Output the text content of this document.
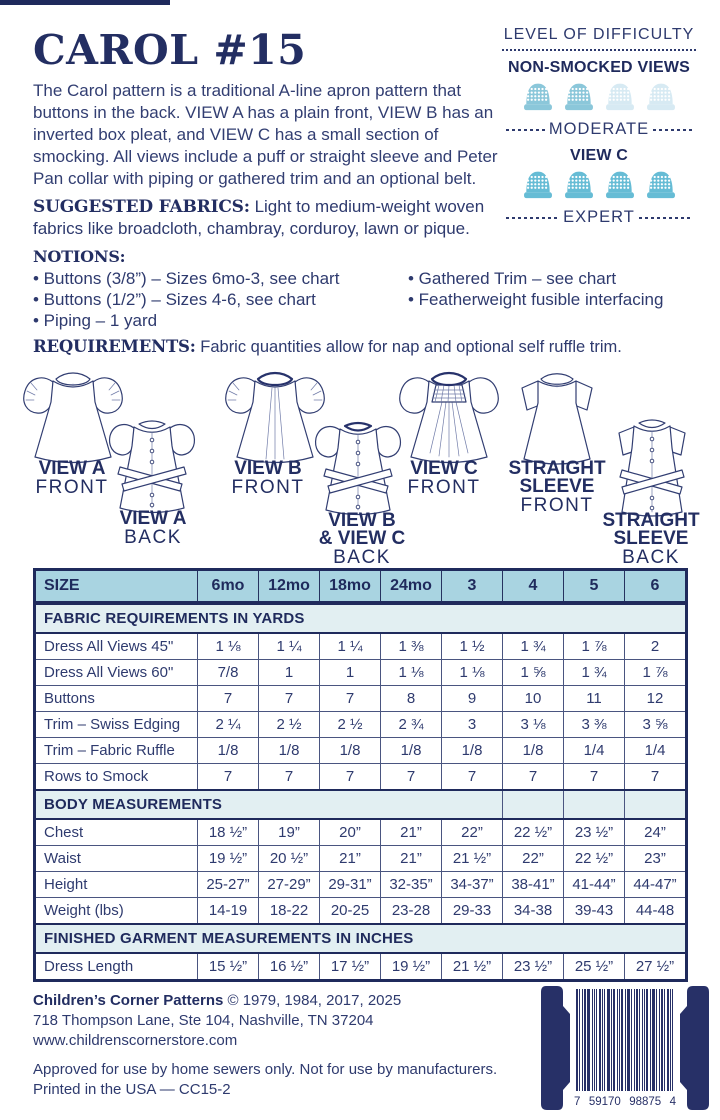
CAROL #15

The Carol pattern is a traditional A-line apron pattern that buttons in the back. VIEW A has a plain front, VIEW B has an inverted box pleat, and VIEW C has a small section of smocking. All views include a puff or straight sleeve and Peter Pan collar with piping or gathered trim and an optional belt.

LEVEL OF DIFFICULTY
NON-SMOCKED VIEWS
MODERATE
VIEW C
EXPERT

SUGGESTED FABRICS: Light to medium-weight woven fabrics like broadcloth, chambray, corduroy, lawn or pique.

NOTIONS:
• Buttons (3/8”) – Sizes 6mo-3, see chart
• Buttons (1/2”) – Sizes 4-6, see chart
• Piping – 1 yard
• Gathered Trim – see chart
• Featherweight fusible interfacing

REQUIREMENTS: Fabric quantities allow for nap and optional self ruffle trim.

VIEW A
FRONT
VIEW A
BACK
VIEW B
FRONT
VIEW B
& VIEW C
BACK
VIEW C
FRONT
STRAIGHT
SLEEVE
FRONT
STRAIGHT
SLEEVE
BACK
SIZE	6mo	12mo	18mo	24mo	3	4	5	6
FABRIC REQUIREMENTS IN YARDS
Dress All Views 45"	1 ⅛	1 ¼	1 ¼	1 ⅜	1 ½	1 ¾	1 ⅞	2
Dress All Views 60"	7/8	1	1	1 ⅛	1 ⅛	1 ⅝	1 ¾	1 ⅞
Buttons	7	7	7	8	9	10	11	12
Trim – Swiss Edging	2 ¼	2 ½	2 ½	2 ¾	3	3 ⅛	3 ⅜	3 ⅝
Trim – Fabric Ruffle	1/8	1/8	1/8	1/8	1/8	1/8	1/4	1/4
Rows to Smock	7	7	7	7	7	7	7	7
BODY MEASUREMENTS
Chest	18 ½”	19”	20”	21”	22”	22 ½”	23 ½”	24”
Waist	19 ½”	20 ½”	21”	21”	21 ½”	22”	22 ½”	23”
Height	25-27”	27-29”	29-31”	32-35”	34-37”	38-41”	41-44”	44-47”
Weight (lbs)	14-19	18-22	20-25	23-28	29-33	34-38	39-43	44-48
FINISHED GARMENT MEASUREMENTS IN INCHES
Dress Length	15 ½”	16 ½”	17 ½”	19 ½”	21 ½”	23 ½”	25 ½”	27 ½”
Children’s Corner Patterns © 1979, 1984, 2017, 2025
718 Thompson Lane, Ste 104, Nashville, TN 37204
www.childrenscornerstore.com
Approved for use by home sewers only. Not for use by manufacturers.
Printed in the USA — CC15-2
7 59170 98875 4
